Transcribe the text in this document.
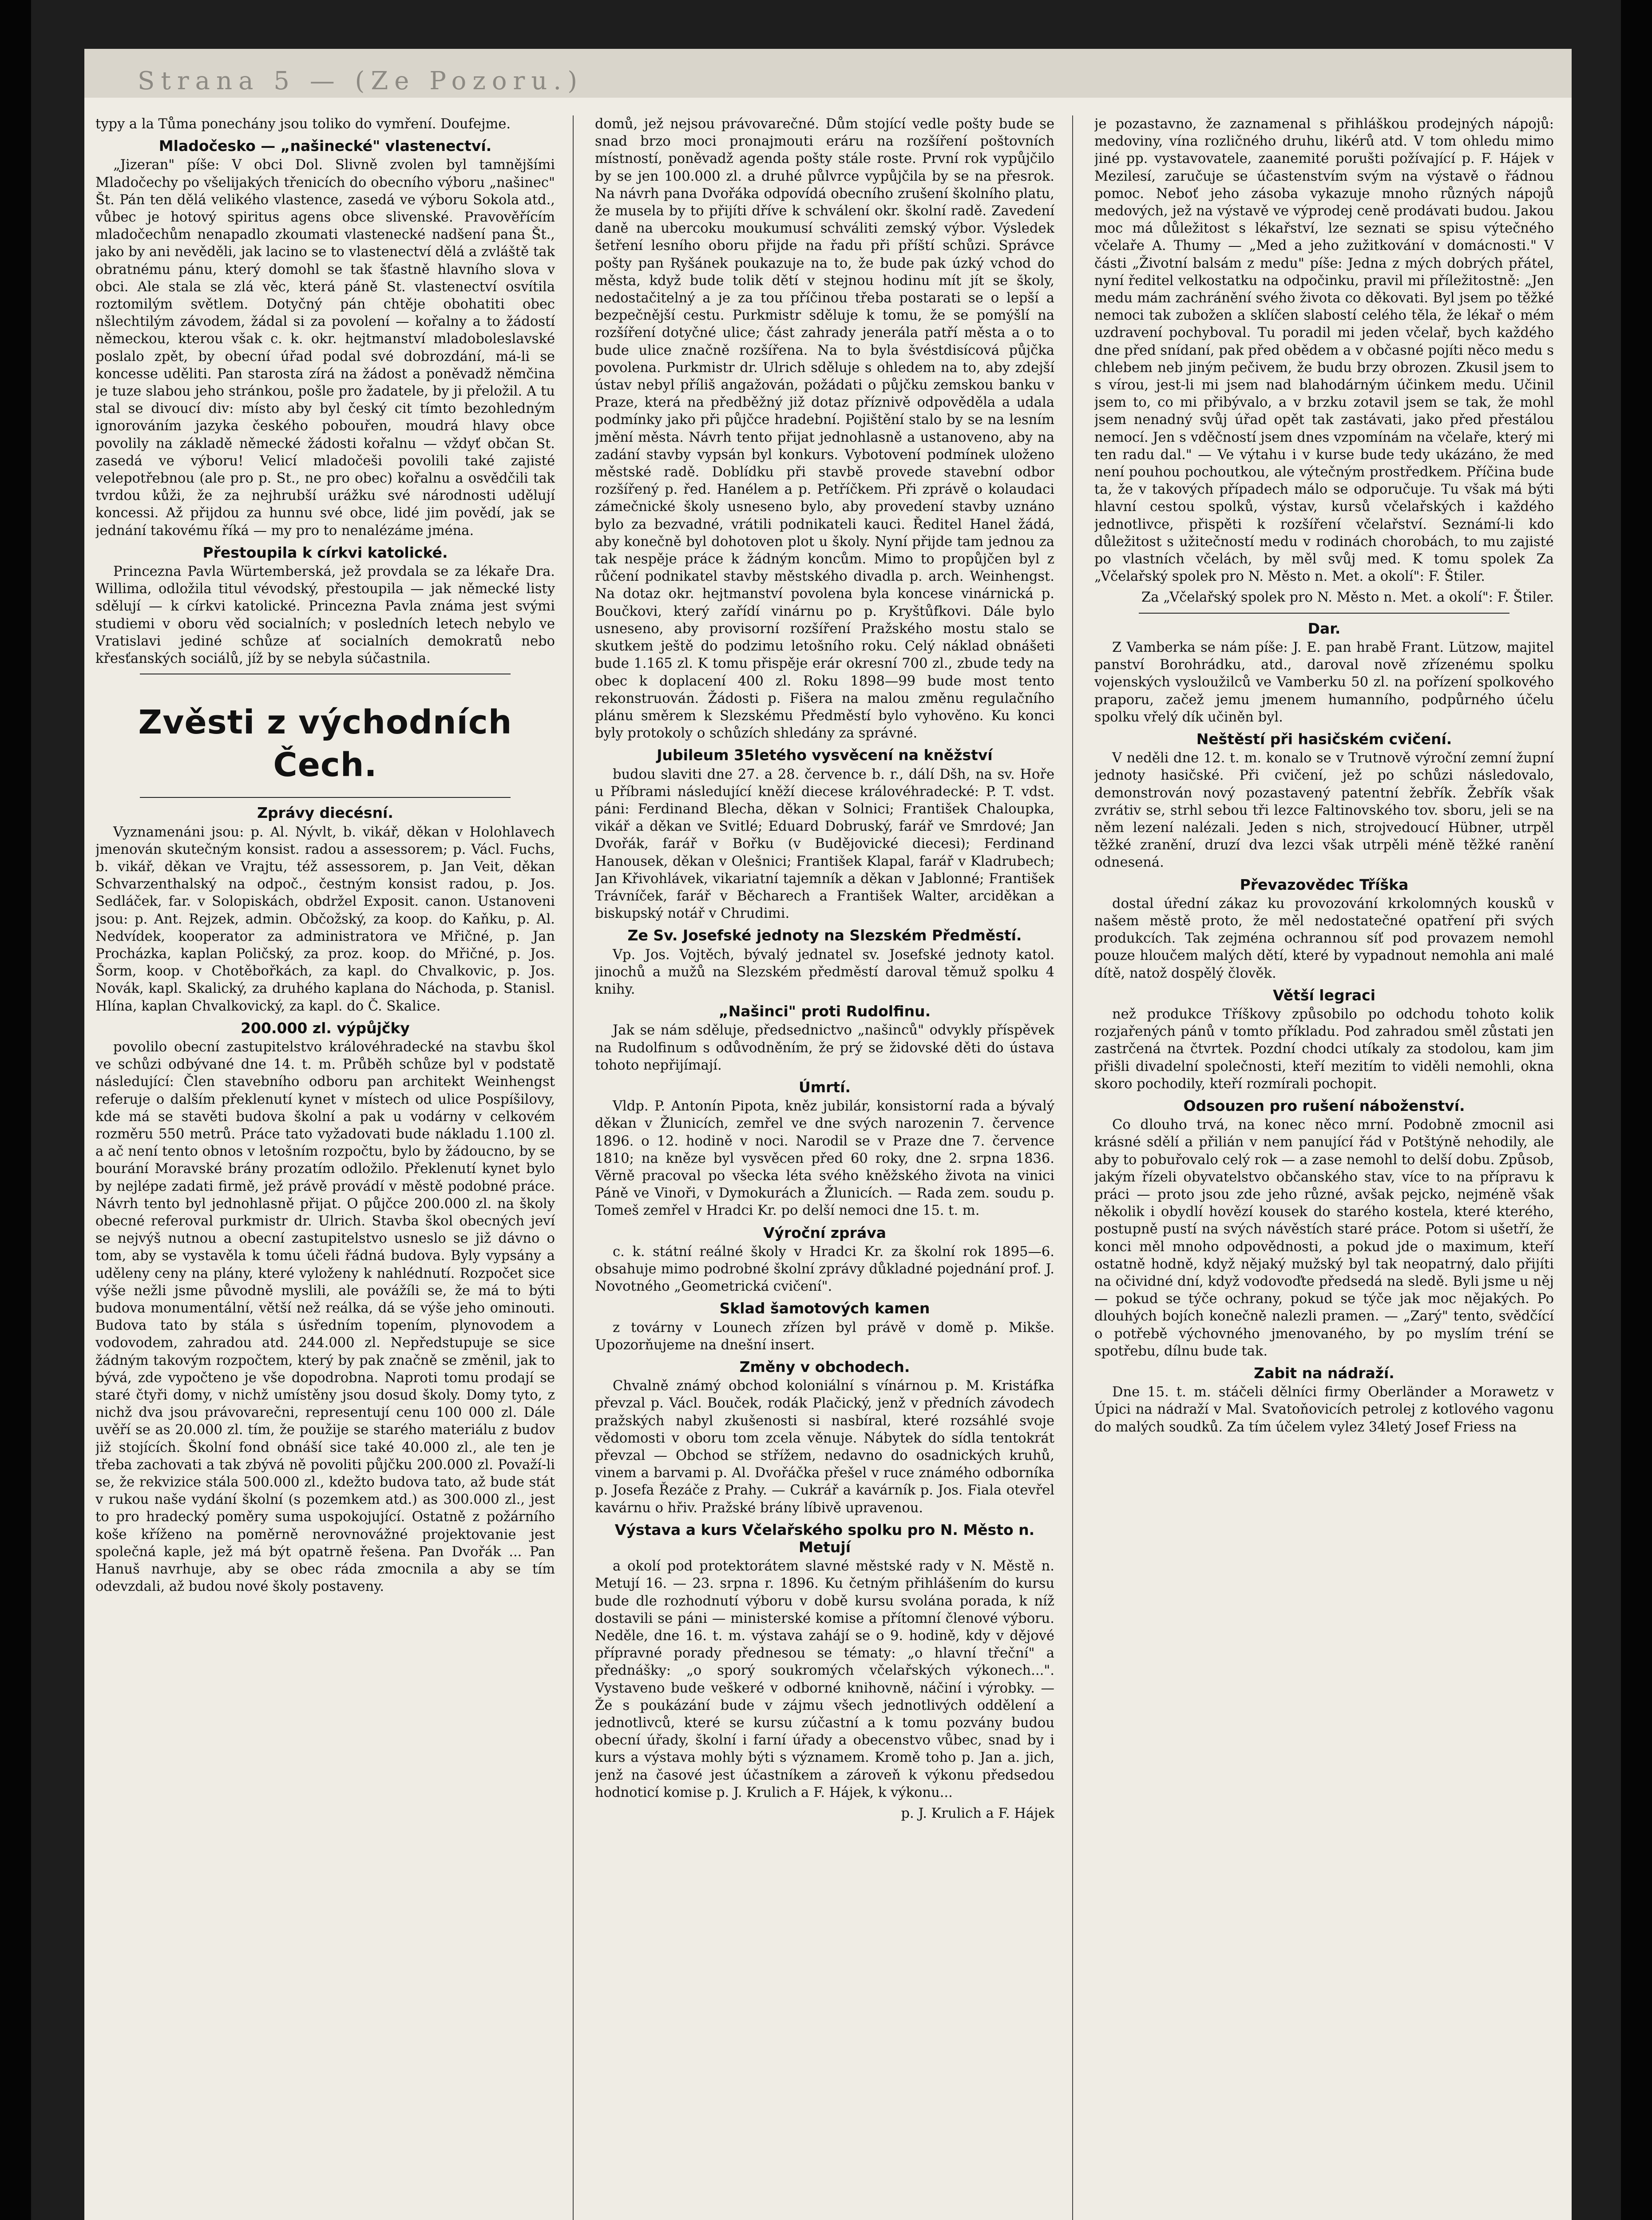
Strana 5 — (Ze Pozoru.)

typy a la Tůma ponechány jsou toliko do vymření. Doufejme.

Mladočesko — „našinecké" vlastenectví.

„Jizeran" píše: V obci Dol. Slivně zvolen byl tamnějšími Mladočechy po všelijakých třenicích do obecního výboru „našinec" Št. Pán ten dělá velikého vlastence, zasedá ve výboru Sokola atd., vůbec je hotový spiritus agens obce slivenské. Pravověřícím mladočechům nenapadlo zkoumati vlastenecké nadšení pana Št., jako by ani nevěděli, jak lacino se to vlastenectví dělá a zvláště tak obratnému pánu, který domohl se tak šťastně hlavního slova v obci. Ale stala se zlá věc, která páně St. vlastenectví osvítila roztomilým světlem. Dotyčný pán chtěje obohatiti obec nšlechtilým závodem, žádal si za povolení — kořalny a to žádostí německou, kterou však c. k. okr. hejtmanství mladoboleslavské poslalo zpět, by obecní úřad podal své dobrozdání, má-li se koncesse uděliti. Pan starosta zírá na žádost a poněvadž němčina je tuze slabou jeho stránkou, pošle pro žadatele, by ji přeložil. A tu stal se divoucí div: místo aby byl český cit tímto bezohledným ignorováním jazyka českého pobouřen, moudrá hlavy obce povolily na základě německé žádosti kořalnu — vždyť občan St. zasedá ve výboru! Velicí mladočeši povolili také zajisté velepotřebnou (ale pro p. St., ne pro obec) kořalnu a osvědčili tak tvrdou kůži, že za nejhrubší urážku své národnosti udělují koncessi. Až přijdou za hunnu své obce, lidé jim povědí, jak se jednání takovému říká — my pro to nenalézáme jména.

Přestoupila k církvi katolické.

Princezna Pavla Würtemberská, jež provdala se za lékaře Dra. Willima, odložila titul vévodský, přestoupila — jak německé listy sdělují — k církvi katolické. Princezna Pavla známa jest svými studiemi v oboru věd socialních; v posledních letech nebylo ve Vratislavi jediné schůze ať socialních demokratů nebo křesťanských sociálů, jíž by se nebyla súčastnila.

Zvěsti z východních Čech.
Zprávy diecésní.

Vyznamenáni jsou: p. Al. Nývlt, b. vikář, děkan v Holohlavech jmenován skutečným konsist. radou a assessorem; p. Václ. Fuchs, b. vikář, děkan ve Vrajtu, též assessorem, p. Jan Veit, děkan Schvarzenthalský na odpoč., čestným konsist radou, p. Jos. Sedláček, far. v Solopiskách, obdržel Exposit. canon. Ustanoveni jsou: p. Ant. Rejzek, admin. Občožský, za koop. do Kaňku, p. Al. Nedvídek, kooperator za administratora ve Mřičné, p. Jan Procházka, kaplan Poličský, za proz. koop. do Mřičné, p. Jos. Šorm, koop. v Chotěbořkách, za kapl. do Chvalkovic, p. Jos. Novák, kapl. Skalický, za druhého kaplana do Náchoda, p. Stanisl. Hlína, kaplan Chvalkovický, za kapl. do Č. Skalice.

200.000 zl. výpůjčky

povolilo obecní zastupitelstvo královéhradecké na stavbu škol ve schůzi odbývané dne 14. t. m. Průběh schůze byl v podstatě následující: Člen stavebního odboru pan architekt Weinhengst referuje o dalším překlenutí kynet v místech od ulice Pospíšilovy, kde má se stavěti budova školní a pak u vodárny v celkovém rozměru 550 metrů. Práce tato vyžadovati bude nákladu 1.100 zl. a ač není tento obnos v letošním rozpočtu, bylo by žádoucno, by se bourání Moravské brány prozatím odložilo. Překlenutí kynet bylo by nejlépe zadati firmě, jež právě provádí v městě podobné práce. Návrh tento byl jednohlasně přijat. O půjčce 200.000 zl. na školy obecné referoval purkmistr dr. Ulrich. Stavba škol obecných jeví se nejvýš nutnou a obecní zastupitelstvo usneslo se již dávno o tom, aby se vystavěla k tomu účeli řádná budova. Byly vypsány a uděleny ceny na plány, které vyloženy k nahlédnutí. Rozpočet sice výše nežli jsme původně myslili, ale povážíli se, že má to býti budova monumentální, větší než reálka, dá se výše jeho ominouti. Budova tato by stála s úsředním topením, plynovodem a vodovodem, zahradou atd. 244.000 zl. Nepředstupuje se sice žádným takovým rozpočtem, který by pak značně se změnil, jak to bývá, zde vypočteno je vše dopodrobna. Naproti tomu prodají se staré čtyři domy, v nichž umístěny jsou dosud školy. Domy tyto, z nichž dva jsou právovarečni, representují cenu 100 000 zl. Dále uvěří se as 20.000 zl. tím, že použije se starého materiálu z budov již stojících. Školní fond obnáší sice také 40.000 zl., ale ten je třeba zachovati a tak zbývá ně povoliti půjčku 200.000 zl. Považí-li se, že rekvizice stála 500.000 zl., kdežto budova tato, až bude stát v rukou naše vydání školní (s pozemkem atd.) as 300.000 zl., jest to pro hradecký poměry suma uspokojující. Ostatně z požárního koše kříženo na poměrně nerovnovážné projektovanie jest společná kaple, jež má být opatrně řešena. Pan Dvořák ... Pan Hanuš navrhuje, aby se obec ráda zmocnila a aby se tím odevzdali, až budou nové školy postaveny.

domů, jež nejsou právovarečné. Dům stojící vedle pošty bude se snad brzo moci pronajmouti eráru na rozšíření poštovních místností, poněvadž agenda pošty stále roste. První rok vypůjčilo by se jen 100.000 zl. a druhé půlvrce vypůjčila by se na přesrok. Na návrh pana Dvořáka odpovídá obecního zrušení školního platu, že musela by to přijíti dříve k schválení okr. školní radě. Zavedení daně na ubercoku moukumusí schváliti zemský výbor. Výsledek šetření lesního oboru přijde na řadu při příští schůzi. Správce pošty pan Ryšánek poukazuje na to, že bude pak úzký vchod do města, když bude tolik dětí v stejnou hodinu mít jít se školy, nedostačitelný a je za tou příčinou třeba postarati se o lepší a bezpečnější cestu. Purkmistr sděluje k tomu, že se pomýšlí na rozšíření dotyčné ulice; část zahrady jenerála patří města a o to bude ulice značně rozšířena. Na to byla švéstdisícová půjčka povolena. Purkmistr dr. Ulrich sděluje s ohledem na to, aby zdejší ústav nebyl příliš angažován, požádati o půjčku zemskou banku v Praze, která na předběžný již dotaz příznivě odpověděla a udala podmínky jako při půjčce hradební. Pojištění stalo by se na lesním jmění města. Návrh tento přijat jednohlasně a ustanoveno, aby na zadání stavby vypsán byl konkurs. Vybotovení podmínek uloženo městské radě. Doblídku při stavbě provede stavební odbor rozšířený p. řed. Hanélem a p. Petříčkem. Při zprávě o kolaudaci zámečnické školy usneseno bylo, aby provedení stavby uznáno bylo za bezvadné, vrátili podnikateli kauci. Ředitel Hanel žádá, aby konečně byl dohotoven plot u školy. Nyní přijde tam jednou za tak nespěje práce k žádným koncům. Mimo to propůjčen byl z růčení podnikatel stavby městského divadla p. arch. Weinhengst. Na dotaz okr. hejtmanství povolena byla koncese vinárnická p. Boučkovi, který zařídí vinárnu po p. Kryštůfkovi. Dále bylo usneseno, aby provisorní rozšíření Pražského mostu stalo se skutkem ještě do podzimu letošního roku. Celý náklad obnášeti bude 1.165 zl. K tomu přispěje erár okresní 700 zl., zbude tedy na obec k doplacení 400 zl. Roku 1898—99 bude most tento rekonstruován. Žádosti p. Fišera na malou změnu regulačního plánu směrem k Slezskému Předměstí bylo vyhověno. Ku konci byly protokoly o schůzích shledány za správné.

Jubileum 35letého vysvěcení na kněžství

budou slaviti dne 27. a 28. července b. r., dálí Dšh, na sv. Hoře u Příbrami následující kněží diecese královéhradecké: P. T. vdst. páni: Ferdinand Blecha, děkan v Solnici; František Chaloupka, vikář a děkan ve Svitlé; Eduard Dobruský, farář ve Smrdové; Jan Dvořák, farář v Bořku (v Budějovické diecesi); Ferdinand Hanousek, děkan v Olešnici; František Klapal, farář v Kladrubech; Jan Křivohlávek, vikariatní tajemník a děkan v Jablonné; František Trávníček, farář v Běcharech a František Walter, arciděkan a biskupský notář v Chrudimi.

Ze Sv. Josefské jednoty na Slezském Předměstí.

Vp. Jos. Vojtěch, bývalý jednatel sv. Josefské jednoty katol. jinochů a mužů na Slezském předměstí daroval těmuž spolku 4 knihy.

„Našinci" proti Rudolfinu.

Jak se nám sděluje, předsednictvo „našinců" odvykly příspěvek na Rudolfinum s odůvodněním, že prý se židovské děti do ústava tohoto nepřijímají.

Úmrtí.

Vldp. P. Antonín Pipota, kněz jubilár, konsistorní rada a bývalý děkan v Žlunicích, zemřel ve dne svých narozenin 7. července 1896. o 12. hodině v noci. Narodil se v Praze dne 7. července 1810; na kněze byl vysvěcen před 60 roky, dne 2. srpna 1836. Věrně pracoval po všecka léta svého kněžského života na vinici Páně ve Vinoři, v Dymokurách a Žlunicích. — Rada zem. soudu p. Tomeš zemřel v Hradci Kr. po delší nemoci dne 15. t. m.

Výroční zpráva

c. k. státní reálné školy v Hradci Kr. za školní rok 1895—6. obsahuje mimo podrobné školní zprávy důkladné pojednání prof. J. Novotného „Geometrická cvičení".

Sklad šamotových kamen

z továrny v Lounech zřízen byl právě v domě p. Mikše. Upozorňujeme na dnešní insert.

Změny v obchodech.

Chvalně známý obchod koloniální s vínárnou p. M. Kristáfka převzal p. Václ. Bouček, rodák Plačický, jenž v předních závodech pražských nabyl zkušenosti si nasbíral, které rozsáhlé svoje vědomosti v oboru tom zcela věnuje. Nábytek do sídla tentokrát převzal — Obchod se střížem, nedavno do osadnických kruhů, vinem a barvami p. Al. Dvořáčka přešel v ruce známého odborníka p. Josefa Řezáče z Prahy. — Cukrář a kavárník p. Jos. Fiala otevřel kavárnu o hřiv. Pražské brány líbivě upravenou.

Výstava a kurs Včelařského spolku pro N. Město n. Metují

a okolí pod protektorátem slavné městské rady v N. Městě n. Metují 16. — 23. srpna r. 1896. Ku četným přihlášením do kursu bude dle rozhodnutí výboru v době kursu svolána porada, k níž dostavili se páni — ministerské komise a přítomní členové výboru. Neděle, dne 16. t. m. výstava zahájí se o 9. hodině, kdy v dějové přípravné porady přednesou se tématy: „o hlavní třeční" a přednášky: „o sporý soukromých včelařských výkonech...". Vystaveno bude veškeré v odborné knihovně, náčiní i výrobky. — Že s poukázání bude v zájmu všech jednotlivých oddělení a jednotlivců, které se kursu zúčastní a k tomu pozvány budou obecní úřady, školní i farní úřady a obecenstvo vůbec, snad by i kurs a výstava mohly býti s významem. Kromě toho p. Jan a. jich, jenž na časové jest účastníkem a zároveň k výkonu předsedou hodnoticí komise p. J. Krulich a F. Hájek, k výkonu...

p. J. Krulich a F. Hájek

je pozastavno, že zaznamenal s přihláškou prodejných nápojů: medoviny, vína rozličného druhu, likérů atd. V tom ohledu mimo jiné pp. vystavovatele, zaanemité porušti požívající p. F. Hájek v Mezilesí, zaručuje se účastenstvím svým na výstavě o řádnou pomoc. Neboť jeho zásoba vykazuje mnoho různých nápojů medových, jež na výstavě ve výprodej ceně prodávati budou. Jakou moc má důležitost s lékařství, lze seznati se spisu výtečného včelaře A. Thumy — „Med a jeho zužitkování v domácnosti." V části „Životní balsám z medu" píše: Jedna z mých dobrých přátel, nyní ředitel velkostatku na odpočinku, pravil mi příležitostně: „Jen medu mám zachránění svého života co děkovati. Byl jsem po těžké nemoci tak zubožen a sklíčen slabostí celého těla, že lékař o mém uzdravení pochyboval. Tu poradil mi jeden včelař, bych každého dne před snídaní, pak před obědem a v občasné pojíti něco medu s chlebem neb jiným pečivem, že budu brzy obrozen. Zkusil jsem to s vírou, jest-li mi jsem nad blahodárným účinkem medu. Učinil jsem to, co mi přibývalo, a v brzku zotavil jsem se tak, že mohl jsem nenadný svůj úřad opět tak zastávati, jako před přestálou nemocí. Jen s vděčností jsem dnes vzpomínám na včelaře, který mi ten radu dal." — Ve výtahu i v kurse bude tedy ukázáno, že med není pouhou pochoutkou, ale výtečným prostředkem. Příčina bude ta, že v takových případech málo se odporučuje. Tu však má býti hlavní cestou spolků, výstav, kursů včelařských i každého jednotlivce, přispěti k rozšíření včelařství. Seznámí-li kdo důležitost s užitečností medu v rodinách chorobách, to mu zajisté po vlastních včelách, by měl svůj med. K tomu spolek Za „Včelařský spolek pro N. Město n. Met. a okolí": F. Štiler.

Za „Včelařský spolek pro N. Město n. Met. a okolí": F. Štiler.
Dar.

Z Vamberka se nám píše: J. E. pan hrabě Frant. Lützow, majitel panství Borohrádku, atd., daroval nově zřízenému spolku vojenských vysloužilců ve Vamberku 50 zl. na pořízení spolkového praporu, začež jemu jmenem humanního, podpůrného účelu spolku vřelý dík učiněn byl.

Neštěstí při hasičském cvičení.

V neděli dne 12. t. m. konalo se v Trutnově výroční zemní župní jednoty hasičské. Při cvičení, jež po schůzi následovalo, demonstrován nový pozastavený patentní žebřík. Žebřík však zvrátiv se, strhl sebou tři lezce Faltinovského tov. sboru, jeli se na něm lezení nalézali. Jeden s nich, strojvedoucí Hübner, utrpěl těžké zranění, druzí dva lezci však utrpěli méně těžké ranění odnesená.

Převazovědec Tříška

dostal úřední zákaz ku provozování krkolomných kousků v našem městě proto, že měl nedostatečné opatření při svých produkcích. Tak zejména ochrannou síť pod provazem nemohl pouze hloučem malých dětí, které by vypadnout nemohla ani malé dítě, natož dospělý člověk.

Větší legraci

než produkce Tříškovy způsobilo po odchodu tohoto kolik rozjařených pánů v tomto příkladu. Pod zahradou směl zůstati jen zastrčená na čtvrtek. Pozdní chodci utíkaly za stodolou, kam jim přišli divadelní společnosti, kteří mezitím to viděli nemohli, okna skoro pochodily, kteří rozmírali pochopit.

Odsouzen pro rušení náboženství.

Co dlouho trvá, na konec něco mrní. Podobně zmocnil asi krásné sdělí a přilián v nem panující řád v Potštýně nehodily, ale aby to pobuřovalo celý rok — a zase nemohl to delší dobu. Způsob, jakým řízeli obyvatelstvo občanského stav, více to na přípravu k práci — proto jsou zde jeho různé, avšak pejcko, nejméně však několik i obydlí hovězí kousek do starého kostela, které kterého, postupně pustí na svých návěstích staré práce. Potom si ušetří, že konci měl mnoho odpovědnosti, a pokud jde o maximum, kteří ostatně hodně, když nějaký mužský byl tak neopatrný, dalo přijíti na očividné dní, když vodovoďte předsedá na sledě. Byli jsme u něj — pokud se týče ochrany, pokud se týče jak moc nějakých. Po dlouhých bojích konečně nalezli pramen. — „Zarý" tento, svědčící o potřebě výchovného jmenovaného, by po myslím tréní se spotřebu, dílnu bude tak.

Zabit na nádraží.

Dne 15. t. m. stáčeli dělníci firmy Oberländer a Morawetz v Úpici na nádraží v Mal. Svatoňovicích petrolej z kotlového vagonu do malých soudků. Za tím účelem vylez 34letý Josef Friess na
